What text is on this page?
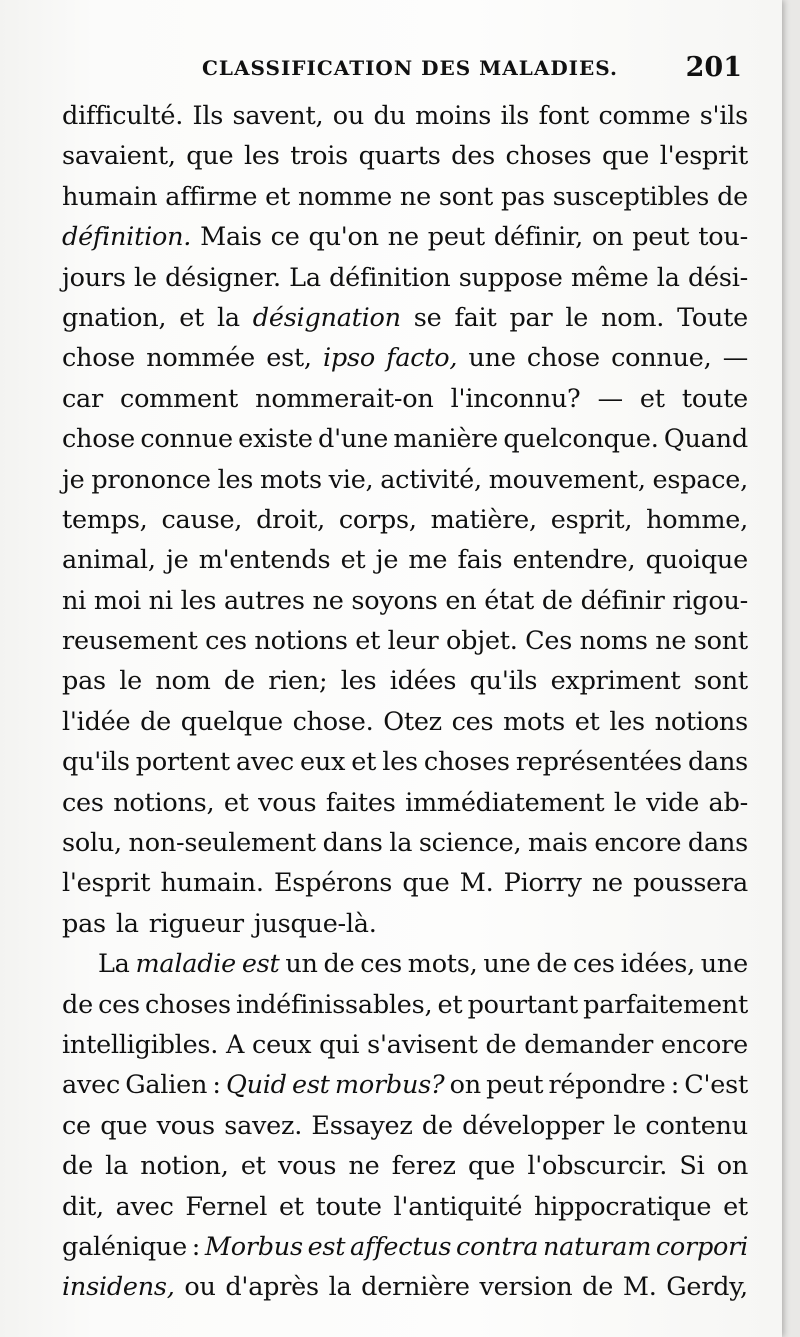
CLASSIFICATION DES MALADIES.	201
difficulté. Ils savent, ou du moins ils font comme s'ils
savaient, que les trois quarts des choses que l'esprit
humain affirme et nomme ne sont pas susceptibles de
définition. Mais ce qu'on ne peut définir, on peut tou-
jours le désigner. La définition suppose même la dési-
gnation, et la désignation se fait par le nom. Toute
chose nommée est, ipso facto, une chose connue, —
car comment nommerait-on l'inconnu? — et toute
chose connue existe d'une manière quelconque. Quand
je prononce les mots vie, activité, mouvement, espace,
temps, cause, droit, corps, matière, esprit, homme,
animal, je m'entends et je me fais entendre, quoique
ni moi ni les autres ne soyons en état de définir rigou-
reusement ces notions et leur objet. Ces noms ne sont
pas le nom de rien; les idées qu'ils expriment sont
l'idée de quelque chose. Otez ces mots et les notions
qu'ils portent avec eux et les choses représentées dans
ces notions, et vous faites immédiatement le vide ab-
solu, non-seulement dans la science, mais encore dans
l'esprit humain. Espérons que M. Piorry ne poussera
pas la rigueur jusque-là.
La maladie est un de ces mots, une de ces idées, une
de ces choses indéfinissables, et pourtant parfaitement
intelligibles. A ceux qui s'avisent de demander encore
avec Galien : Quid est morbus? on peut répondre : C'est
ce que vous savez. Essayez de développer le contenu
de la notion, et vous ne ferez que l'obscurcir. Si on
dit, avec Fernel et toute l'antiquité hippocratique et
galénique : Morbus est affectus contra naturam corpori
insidens, ou d'après la dernière version de M. Gerdy,
